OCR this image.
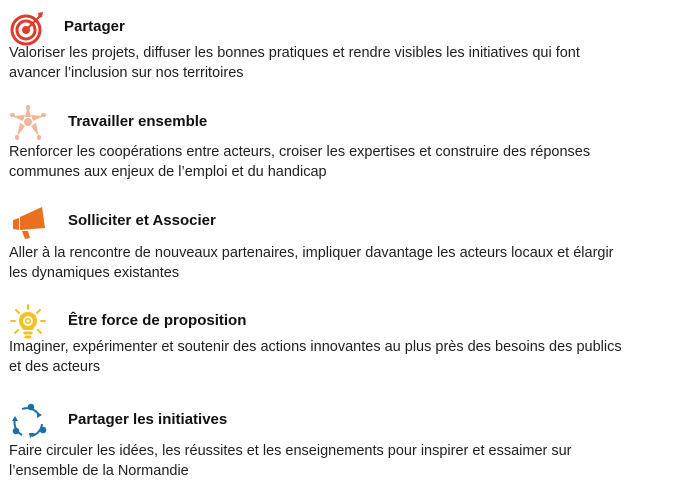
Partager

Valoriser les projets, diffuser les bonnes pratiques et rendre visibles les initiatives qui font
avancer l’inclusion sur nos territoires

Travailler ensemble

Renforcer les coopérations entre acteurs, croiser les expertises et construire des réponses
communes aux enjeux de l’emploi et du handicap

Solliciter et Associer

Aller à la rencontre de nouveaux partenaires, impliquer davantage les acteurs locaux et élargir
les dynamiques existantes

Être force de proposition

Imaginer, expérimenter et soutenir des actions innovantes au plus près des besoins des publics
et des acteurs

Partager les initiatives

Faire circuler les idées, les réussites et les enseignements pour inspirer et essaimer sur
l’ensemble de la Normandie
